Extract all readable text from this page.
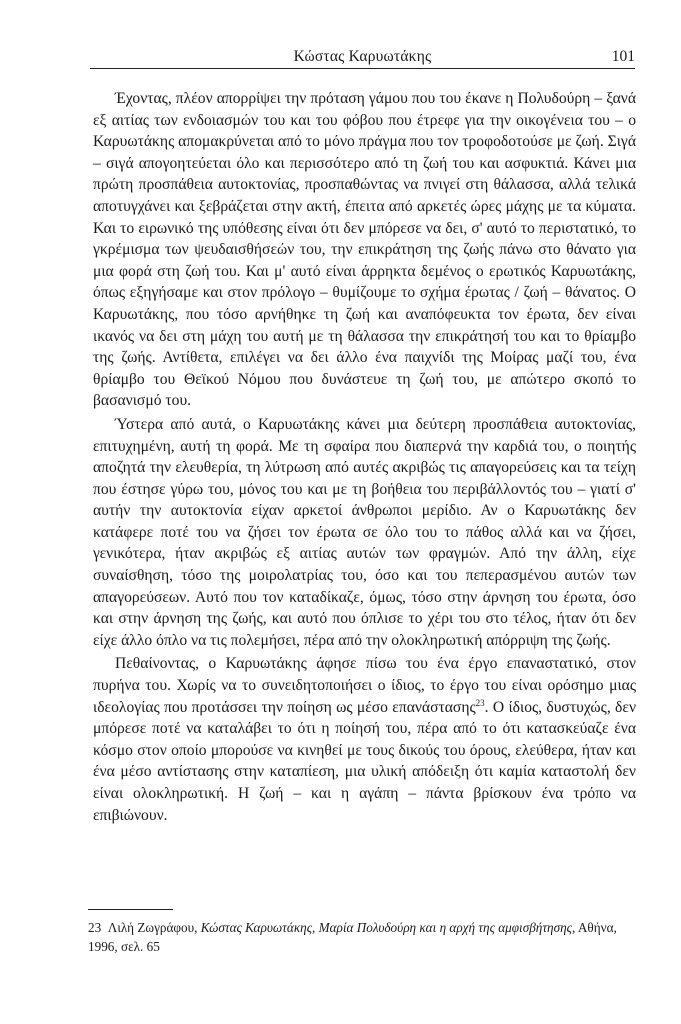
Κώστας Καρυωτάκης	101

Έχοντας, πλέον απορρίψει την πρόταση γάμου που του έκανε η Πολυδούρη – ξανά εξ αιτίας των ενδοιασμών του και του φόβου που έτρεφε για την οικογένεια του – ο Καρυωτάκης απομακρύνεται από το μόνο πράγμα που τον τροφοδοτούσε με ζωή. Σιγά – σιγά απογοητεύεται όλο και περισσότερο από τη ζωή του και ασφυκτιά. Κάνει μια πρώτη προσπάθεια αυτοκτονίας, προσπαθώντας να πνιγεί στη θάλασσα, αλλά τελικά αποτυγχάνει και ξεβράζεται στην ακτή, έπειτα από αρκετές ώρες μάχης με τα κύματα. Και το ειρωνικό της υπόθεσης είναι ότι δεν μπόρεσε να δει, σ' αυτό το περιστατικό, το γκρέμισμα των ψευδαισθήσεών του, την επικράτηση της ζωής πάνω στο θάνατο για μια φορά στη ζωή του. Και μ' αυτό είναι άρρηκτα δεμένος ο ερωτικός Καρυωτάκης, όπως εξηγήσαμε και στον πρόλογο – θυμίζουμε το σχήμα έρωτας / ζωή – θάνατος. Ο Καρυωτάκης, που τόσο αρνήθηκε τη ζωή και αναπόφευκτα τον έρωτα, δεν είναι ικανός να δει στη μάχη του αυτή με τη θάλασσα την επικράτησή του και το θρίαμβο της ζωής. Αντίθετα, επιλέγει να δει άλλο ένα παιχνίδι της Μοίρας μαζί του, ένα θρίαμβο του Θεϊκού Νόμου που δυνάστευε τη ζωή του, με απώτερο σκοπό το βασανισμό του.

Ύστερα από αυτά, ο Καρυωτάκης κάνει μια δεύτερη προσπάθεια αυτοκτονίας, επιτυχημένη, αυτή τη φορά. Με τη σφαίρα που διαπερνά την καρδιά του, ο ποιητής αποζητά την ελευθερία, τη λύτρωση από αυτές ακριβώς τις απαγορεύσεις και τα τείχη που έστησε γύρω του, μόνος του και με τη βοήθεια του περιβάλλοντός του – γιατί σ' αυτήν την αυτοκτονία είχαν αρκετοί άνθρωποι μερίδιο. Αν ο Καρυωτάκης δεν κατάφερε ποτέ του να ζήσει τον έρωτα σε όλο του το πάθος αλλά και να ζήσει, γενικότερα, ήταν ακριβώς εξ αιτίας αυτών των φραγμών. Από την άλλη, είχε συναίσθηση, τόσο της μοιρολατρίας του, όσο και του πεπερασμένου αυτών των απαγορεύσεων. Αυτό που τον καταδίκαζε, όμως, τόσο στην άρνηση του έρωτα, όσο και στην άρνηση της ζωής, και αυτό που όπλισε το χέρι του στο τέλος, ήταν ότι δεν είχε άλλο όπλο να τις πολεμήσει, πέρα από την ολοκληρωτική απόρριψη της ζωής.

Πεθαίνοντας, ο Καρυωτάκης άφησε πίσω του ένα έργο επαναστατικό, στον πυρήνα του. Χωρίς να το συνειδητοποιήσει ο ίδιος, το έργο του είναι ορόσημο μιας ιδεολογίας που προτάσσει την ποίηση ως μέσο επανάστασης$^{23}$. Ο ίδιος, δυστυχώς, δεν μπόρεσε ποτέ να καταλάβει το ότι η ποίησή του, πέρα από το ότι κατασκεύαζε ένα κόσμο στον οποίο μπορούσε να κινηθεί με τους δικούς του όρους, ελεύθερα, ήταν και ένα μέσο αντίστασης στην καταπίεση, μια υλική απόδειξη ότι καμία καταστολή δεν είναι ολοκληρωτική. Η ζωή – και η αγάπη – πάντα βρίσκουν ένα τρόπο να επιβιώνουν.

23 Λιλή Ζωγράφου, Κώστας Καρυωτάκης, Μαρία Πολυδούρη και η αρχή της αμφισβήτησης, Αθήνα, 1996, σελ. 65
